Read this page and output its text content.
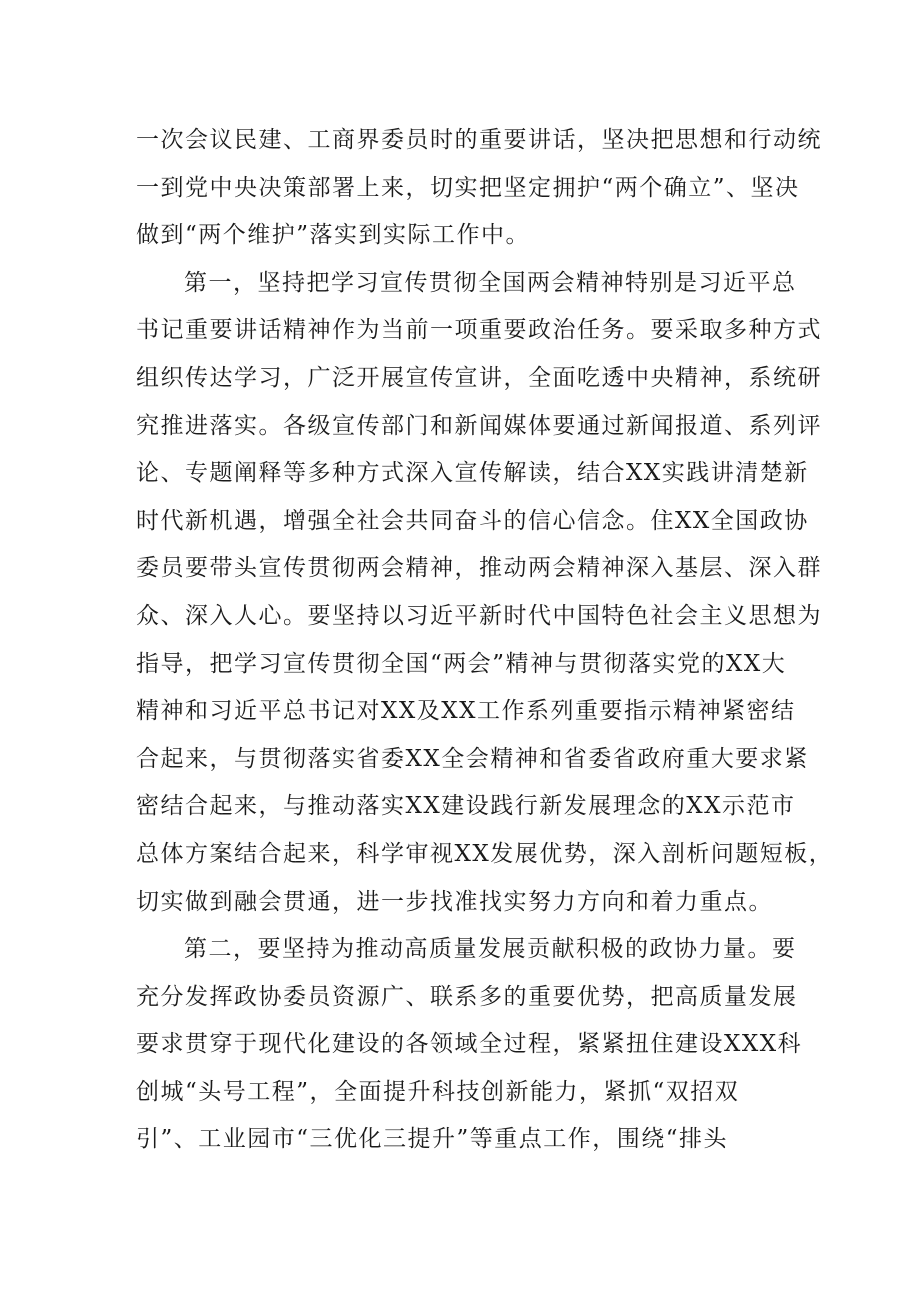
一次会议民建、工商界委员时的重要讲话，坚决把思想和行动统
一到党中央决策部署上来，切实把坚定拥护“两个确立”、坚决
做到“两个维护”落实到实际工作中。
第一，坚持把学习宣传贯彻全国两会精神特别是习近平总
书记重要讲话精神作为当前一项重要政治任务。要采取多种方式
组织传达学习，广泛开展宣传宣讲，全面吃透中央精神，系统研
究推进落实。各级宣传部门和新闻媒体要通过新闻报道、系列评
论、专题阐释等多种方式深入宣传解读，结合XX实践讲清楚新
时代新机遇，增强全社会共同奋斗的信心信念。住XX全国政协
委员要带头宣传贯彻两会精神，推动两会精神深入基层、深入群
众、深入人心。要坚持以习近平新时代中国特色社会主义思想为
指导，把学习宣传贯彻全国“两会”精神与贯彻落实党的XX大
精神和习近平总书记对XX及XX工作系列重要指示精神紧密结
合起来，与贯彻落实省委XX全会精神和省委省政府重大要求紧
密结合起来，与推动落实XX建设践行新发展理念的XX示范市
总体方案结合起来，科学审视XX发展优势，深入剖析问题短板，
切实做到融会贯通，进一步找准找实努力方向和着力重点。
第二，要坚持为推动高质量发展贡献积极的政协力量。要
充分发挥政协委员资源广、联系多的重要优势，把高质量发展
要求贯穿于现代化建设的各领域全过程，紧紧扭住建设XXX科
创城“头号工程”，全面提升科技创新能力，紧抓“双招双
引”、工业园市“三优化三提升”等重点工作，围绕“排头
